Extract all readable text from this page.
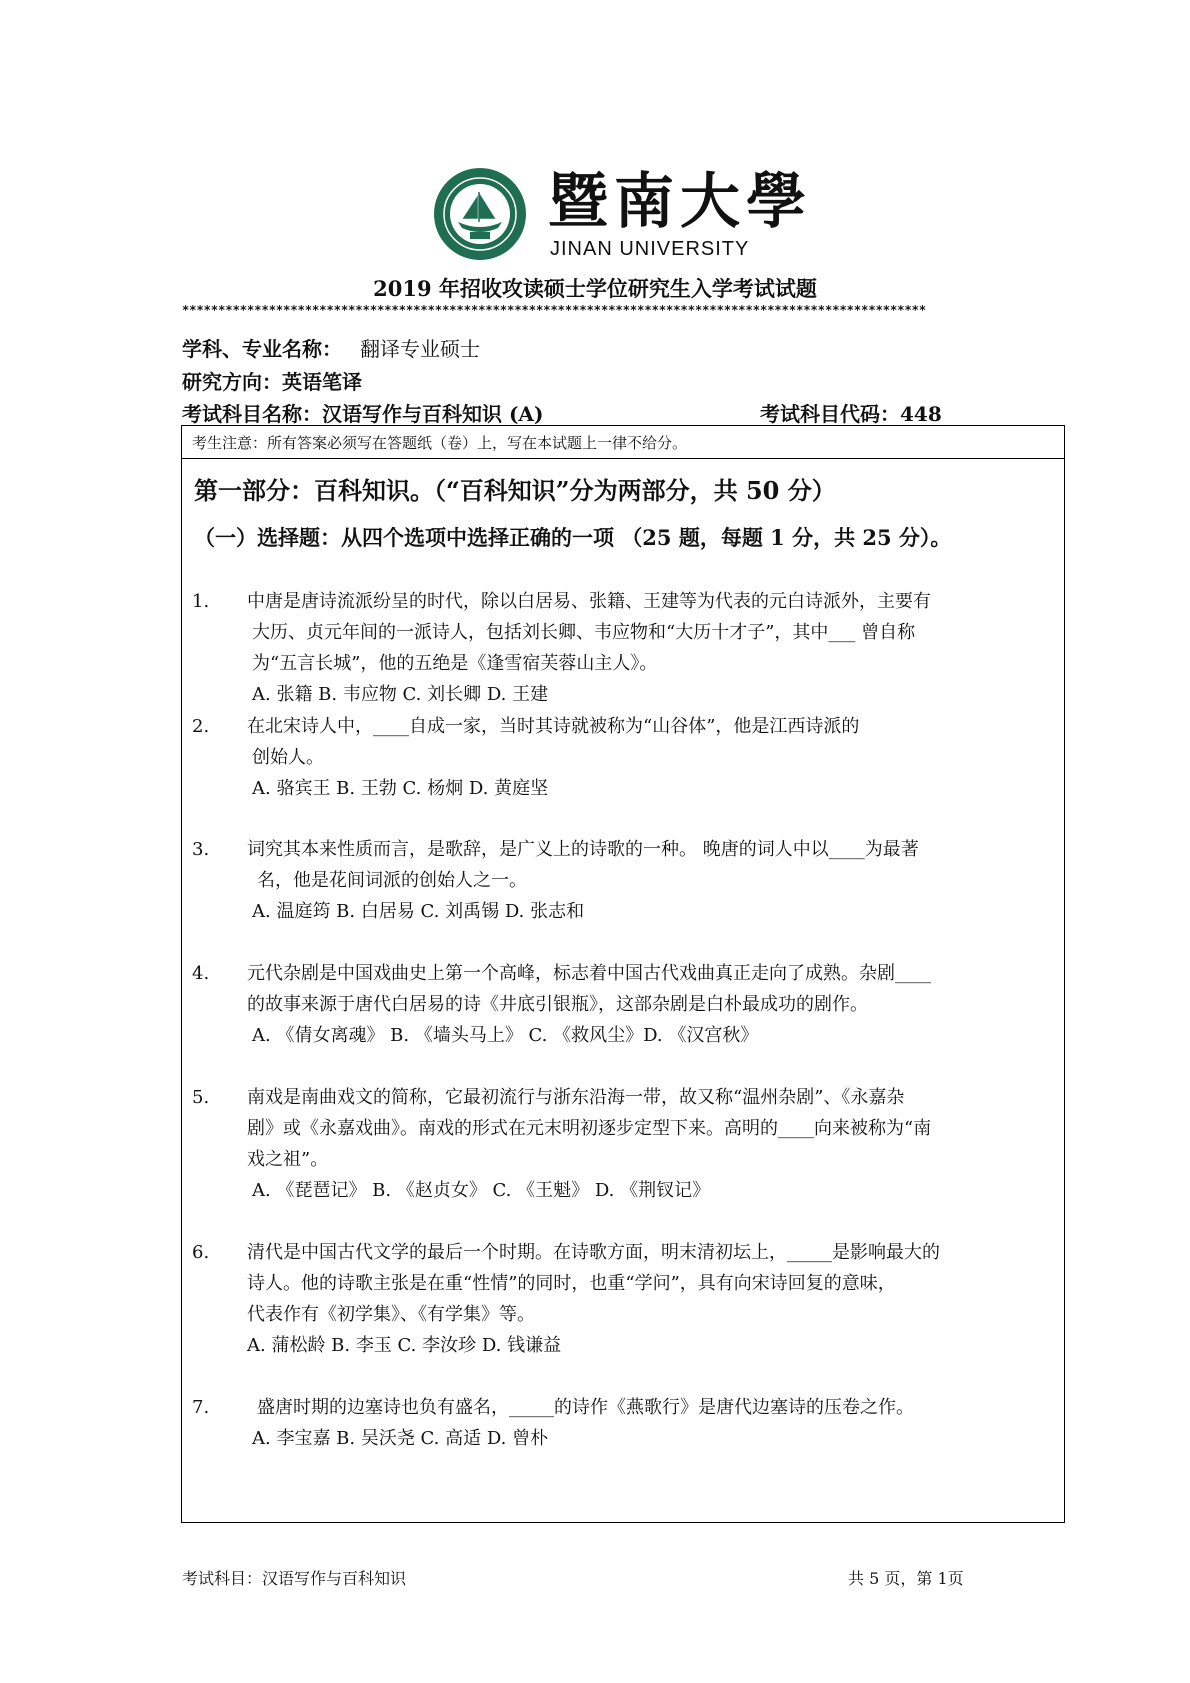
暨南大學
JINAN UNIVERSITY
2019 年招收攻读硕士学位研究生入学考试试题
*******************************************************************************************************
学科、专业名称： 翻译专业硕士
研究方向：英语笔译
考试科目名称：汉语写作与百科知识 (A)	考试科目代码：448
考生注意：所有答案必须写在答题纸（卷）上，写在本试题上一律不给分。
第一部分：百科知识。（“百科知识”分为两部分，共 50 分）
（一）选择题：从四个选项中选择正确的一项 （25 题，每题 1 分，共 25 分）。
1. 中唐是唐诗流派纷呈的时代，除以白居易、张籍、王建等为代表的元白诗派外，主要有
大历、贞元年间的一派诗人，包括刘长卿、韦应物和“大历十才子”，其中___ 曾自称
为“五言长城”，他的五绝是《逢雪宿芙蓉山主人》。
A. 张籍 B. 韦应物 C. 刘长卿 D. 王建
2. 在北宋诗人中，____自成一家，当时其诗就被称为“山谷体”，他是江西诗派的
创始人。
A. 骆宾王 B. 王勃 C. 杨炯 D. 黄庭坚
3. 词究其本来性质而言，是歌辞，是广义上的诗歌的一种。 晚唐的词人中以____为最著
名，他是花间词派的创始人之一。
A. 温庭筠 B. 白居易 C. 刘禹锡 D. 张志和
4. 元代杂剧是中国戏曲史上第一个高峰，标志着中国古代戏曲真正走向了成熟。杂剧____
的故事来源于唐代白居易的诗《井底引银瓶》，这部杂剧是白朴最成功的剧作。
A. 《倩女离魂》 B. 《墙头马上》 C. 《救风尘》D. 《汉宫秋》
5. 南戏是南曲戏文的简称，它最初流行与浙东沿海一带，故又称“温州杂剧”、《永嘉杂
剧》或《永嘉戏曲》。南戏的形式在元末明初逐步定型下来。高明的____向来被称为“南
戏之祖”。
A. 《琵琶记》 B. 《赵贞女》 C. 《王魁》 D. 《荆钗记》
6. 清代是中国古代文学的最后一个时期。在诗歌方面，明末清初坛上，_____是影响最大的
诗人。他的诗歌主张是在重“性情”的同时，也重“学问”，具有向宋诗回复的意味，
代表作有《初学集》、《有学集》等。
A. 蒲松龄 B. 李玉 C. 李汝珍 D. 钱谦益
7.	盛唐时期的边塞诗也负有盛名，_____的诗作《燕歌行》是唐代边塞诗的压卷之作。
A. 李宝嘉 B. 吴沃尧 C. 高适 D. 曾朴
考试科目：汉语写作与百科知识	共 5 页，第 1页
